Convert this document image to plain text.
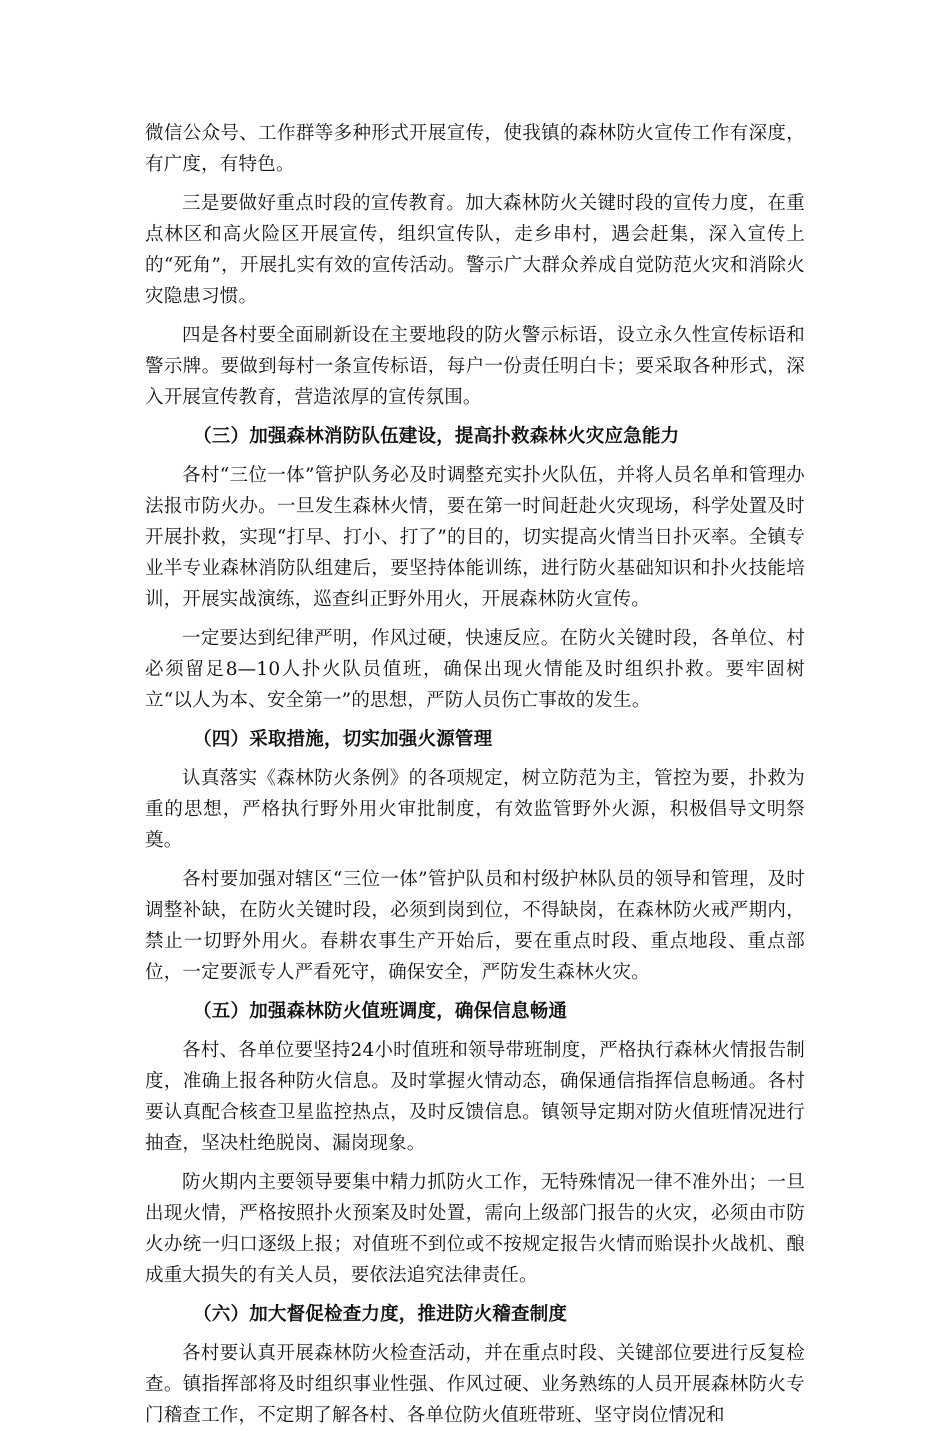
微信公众号、工作群等多种形式开展宣传，使我镇的森林防火宣传工作有深度，有广度，有特色。

三是要做好重点时段的宣传教育。加大森林防火关键时段的宣传力度，在重点林区和高火险区开展宣传，组织宣传队，走乡串村，遇会赶集，深入宣传上的“死角”，开展扎实有效的宣传活动。警示广大群众养成自觉防范火灾和消除火灾隐患习惯。

四是各村要全面刷新设在主要地段的防火警示标语，设立永久性宣传标语和警示牌。要做到每村一条宣传标语，每户一份责任明白卡；要采取各种形式，深入开展宣传教育，营造浓厚的宣传氛围。

（三）加强森林消防队伍建设，提高扑救森林火灾应急能力

各村“三位一体”管护队务必及时调整充实扑火队伍，并将人员名单和管理办法报市防火办。一旦发生森林火情，要在第一时间赶赴火灾现场，科学处置及时开展扑救，实现“打早、打小、打了”的目的，切实提高火情当日扑灭率。全镇专业半专业森林消防队组建后，要坚持体能训练，进行防火基础知识和扑火技能培训，开展实战演练，巡查纠正野外用火，开展森林防火宣传。

一定要达到纪律严明，作风过硬，快速反应。在防火关键时段，各单位、村必须留足8—10人扑火队员值班，确保出现火情能及时组织扑救。要牢固树立“以人为本、安全第一”的思想，严防人员伤亡事故的发生。

（四）采取措施，切实加强火源管理

认真落实《森林防火条例》的各项规定，树立防范为主，管控为要，扑救为重的思想，严格执行野外用火审批制度，有效监管野外火源，积极倡导文明祭奠。

各村要加强对辖区“三位一体”管护队员和村级护林队员的领导和管理，及时调整补缺，在防火关键时段，必须到岗到位，不得缺岗，在森林防火戒严期内，禁止一切野外用火。春耕农事生产开始后，要在重点时段、重点地段、重点部位，一定要派专人严看死守，确保安全，严防发生森林火灾。

（五）加强森林防火值班调度，确保信息畅通

各村、各单位要坚持24小时值班和领导带班制度，严格执行森林火情报告制度，准确上报各种防火信息。及时掌握火情动态，确保通信指挥信息畅通。各村要认真配合核查卫星监控热点，及时反馈信息。镇领导定期对防火值班情况进行抽查，坚决杜绝脱岗、漏岗现象。

防火期内主要领导要集中精力抓防火工作，无特殊情况一律不准外出；一旦出现火情，严格按照扑火预案及时处置，需向上级部门报告的火灾，必须由市防火办统一归口逐级上报；对值班不到位或不按规定报告火情而贻误扑火战机、酿成重大损失的有关人员，要依法追究法律责任。

（六）加大督促检查力度，推进防火稽查制度

各村要认真开展森林防火检查活动，并在重点时段、关键部位要进行反复检查。镇指挥部将及时组织事业性强、作风过硬、业务熟练的人员开展森林防火专门稽查工作，不定期了解各村、各单位防火值班带班、坚守岗位情况和
